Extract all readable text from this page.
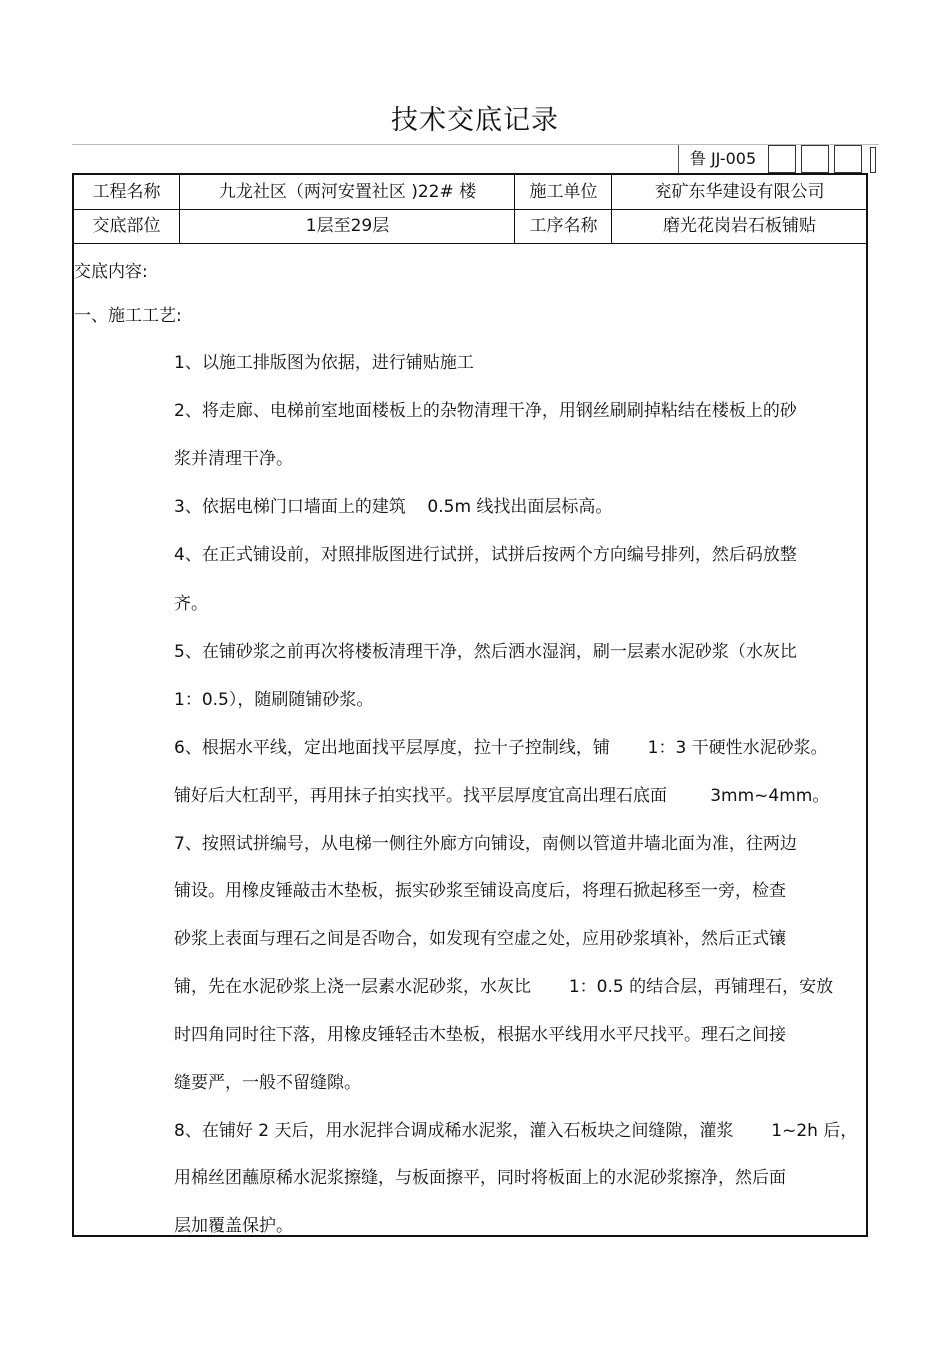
技术交底记录
鲁 JJ-005
工程名称	九龙社区（两河安置社区 )22# 楼	施工单位	兖矿东华建设有限公司
交底部位	1层至29层	工序名称	磨光花岗岩石板铺贴
交底内容:
一、施工工艺:
1、以施工排版图为依据，进行铺贴施工
2、将走廊、电梯前室地面楼板上的杂物清理干净，用钢丝刷刷掉粘结在楼板上的砂
浆并清理干净。
3、依据电梯门口墙面上的建筑    0.5m 线找出面层标高。
4、在正式铺设前，对照排版图进行试拼，试拼后按两个方向编号排列，然后码放整
齐。
5、在铺砂浆之前再次将楼板清理干净，然后洒水湿润，刷一层素水泥砂浆（水灰比
1：0.5），随刷随铺砂浆。
6、根据水平线，定出地面找平层厚度，拉十子控制线，铺       1：3 干硬性水泥砂浆。
铺好后大杠刮平，再用抹子拍实找平。找平层厚度宜高出理石底面        3mm~4mm。
7、按照试拼编号，从电梯一侧往外廊方向铺设，南侧以管道井墙北面为准，往两边
铺设。用橡皮锤敲击木垫板，振实砂浆至铺设高度后，将理石掀起移至一旁，检查
砂浆上表面与理石之间是否吻合，如发现有空虚之处，应用砂浆填补，然后正式镶
铺，先在水泥砂浆上浇一层素水泥砂浆，水灰比       1：0.5 的结合层，再铺理石，安放
时四角同时往下落，用橡皮锤轻击木垫板，根据水平线用水平尺找平。理石之间接
缝要严，一般不留缝隙。
8、在铺好 2 天后，用水泥拌合调成稀水泥浆，灌入石板块之间缝隙，灌浆       1~2h 后，
用棉丝团蘸原稀水泥浆擦缝，与板面擦平，同时将板面上的水泥砂浆擦净，然后面
层加覆盖保护。
